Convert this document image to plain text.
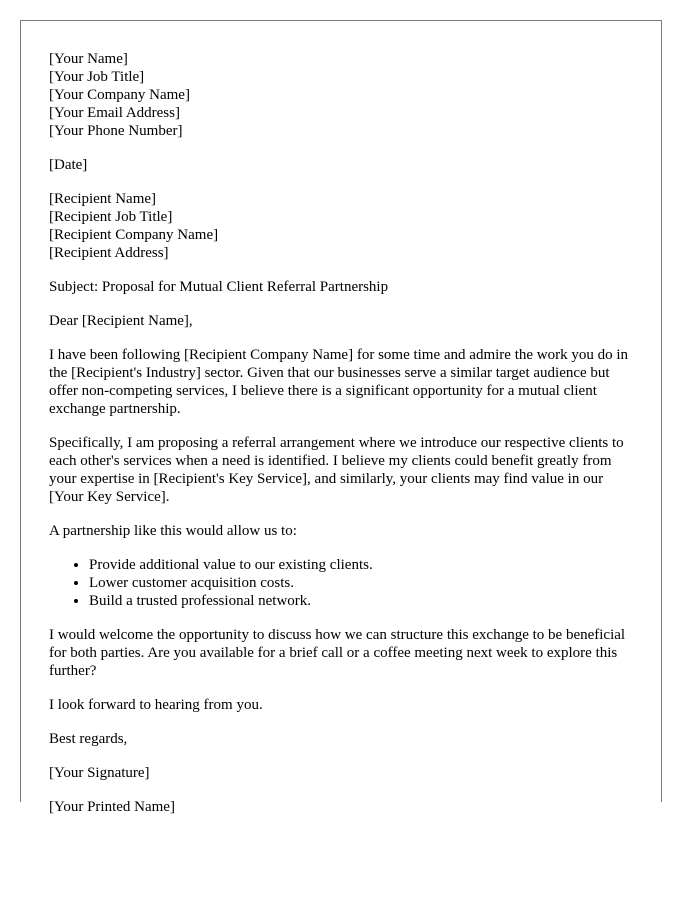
[Your Name]
[Your Job Title]
[Your Company Name]
[Your Email Address]
[Your Phone Number]

[Date]

[Recipient Name]
[Recipient Job Title]
[Recipient Company Name]
[Recipient Address]

Subject: Proposal for Mutual Client Referral Partnership

Dear [Recipient Name],

I have been following [Recipient Company Name] for some time and admire the work you do in the [Recipient's Industry] sector. Given that our businesses serve a similar target audience but offer non-competing services, I believe there is a significant opportunity for a mutual client exchange partnership.

Specifically, I am proposing a referral arrangement where we introduce our respective clients to each other's services when a need is identified. I believe my clients could benefit greatly from your expertise in [Recipient's Key Service], and similarly, your clients may find value in our [Your Key Service].

A partnership like this would allow us to:

• Provide additional value to our existing clients.
• Lower customer acquisition costs.
• Build a trusted professional network.

I would welcome the opportunity to discuss how we can structure this exchange to be beneficial for both parties. Are you available for a brief call or a coffee meeting next week to explore this further?

I look forward to hearing from you.

Best regards,

[Your Signature]

[Your Printed Name]
